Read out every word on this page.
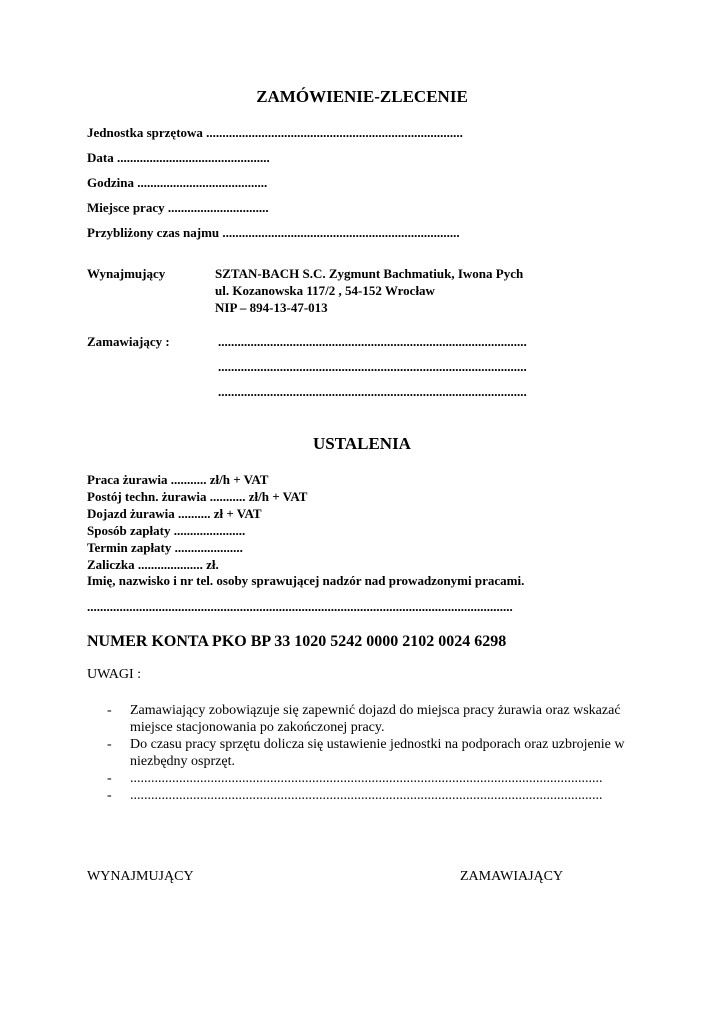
ZAMÓWIENIE-ZLECENIE
Jednostka sprzętowa ...............................................................................
Data ...............................................
Godzina ........................................
Miejsce pracy ...............................
Przybliżony czas najmu .........................................................................
Wynajmujący	SZTAN-BACH S.C. Zygmunt Bachmatiuk, Iwona Pych
ul. Kozanowska 117/2 , 54-152 Wrocław
NIP – 894-13-47-013
Zamawiający :	...............................................................................................
...............................................................................................
...............................................................................................
USTALENIA
Praca żurawia ........... zł/h + VAT
Postój techn. żurawia ........... zł/h + VAT
Dojazd żurawia .......... zł + VAT
Sposób zapłaty ......................
Termin zapłaty .....................
Zaliczka .................... zł.
Imię, nazwisko i nr tel. osoby sprawującej nadzór nad prowadzonymi pracami.
...................................................................................................................................
NUMER KONTA PKO BP 33 1020 5242 0000 2102 0024 6298
UWAGI :
-	Zamawiający zobowiązuje się zapewnić dojazd do miejsca pracy żurawia oraz wskazać miejsce stacjonowania po zakończonej pracy.
-	Do czasu pracy sprzętu dolicza się ustawienie jednostki na podporach oraz uzbrojenie w niezbędny osprzęt.
-	.......................................................................................................................................
-	.......................................................................................................................................
WYNAJMUJĄCY	ZAMAWIAJĄCY
